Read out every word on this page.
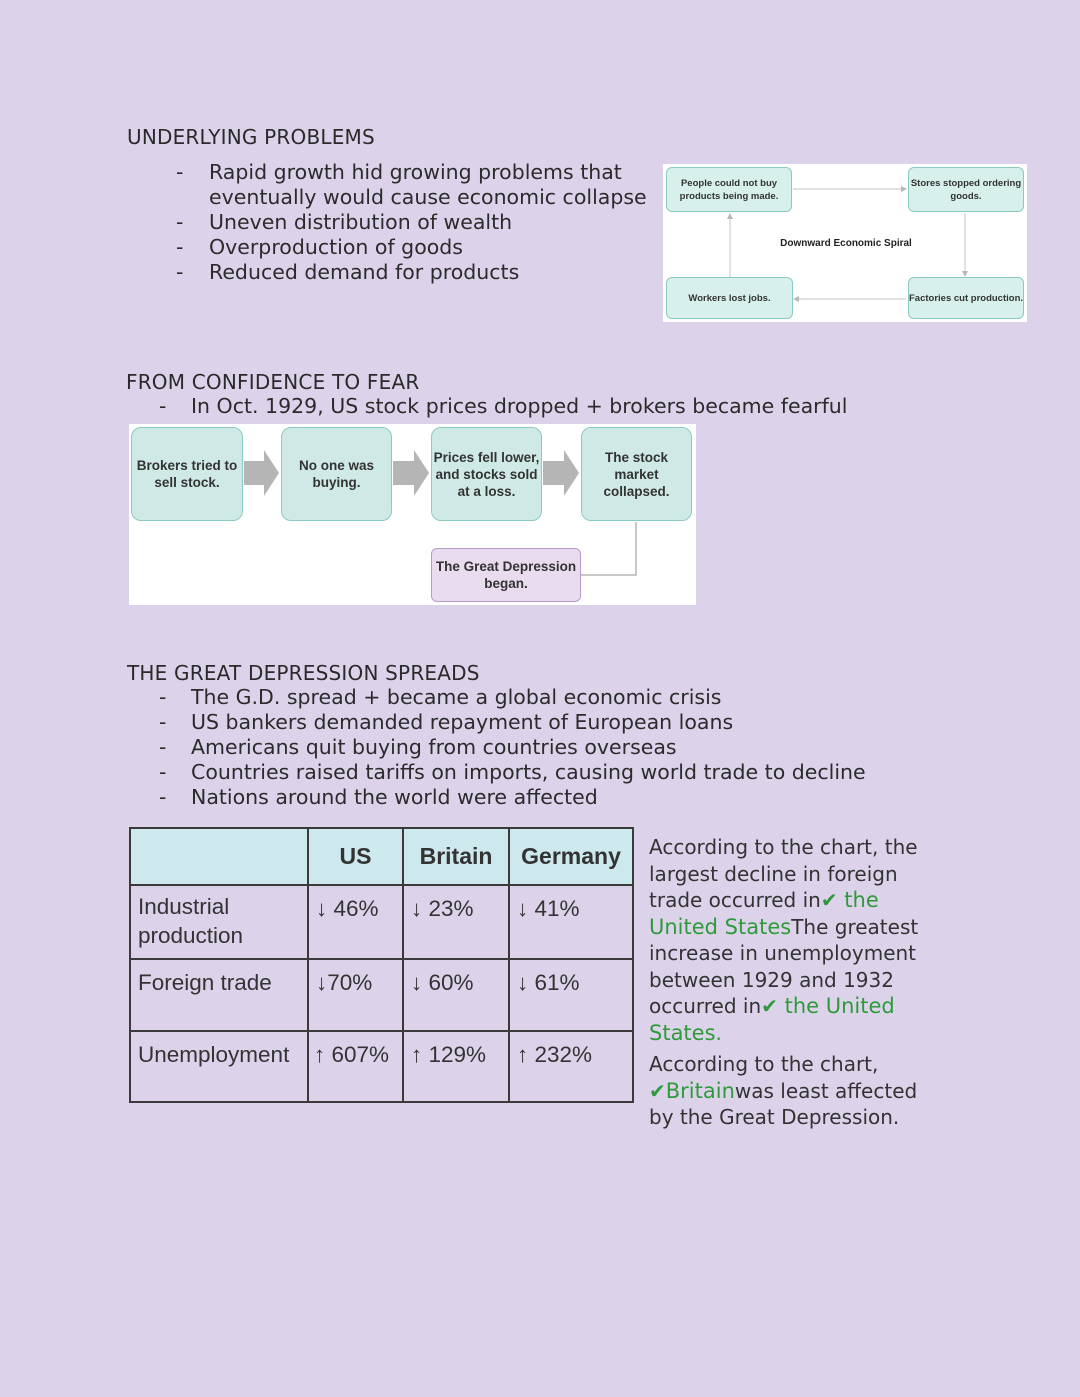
UNDERLYING PROBLEMS
- Rapid growth hid growing problems that
eventually would cause economic collapse
- Uneven distribution of wealth
- Overproduction of goods
- Reduced demand for products
People could not buy products being made.
Stores stopped ordering goods.
Factories cut production.
Workers lost jobs.
Downward Economic Spiral
FROM CONFIDENCE TO FEAR
- In Oct. 1929, US stock prices dropped + brokers became fearful
Brokers tried to sell stock.
No one was buying.
Prices fell lower, and stocks sold at a loss.
The stock market collapsed.
The Great Depression began.
THE GREAT DEPRESSION SPREADS
- The G.D. spread + became a global economic crisis
- US bankers demanded repayment of European loans
- Americans quit buying from countries overseas
- Countries raised tariffs on imports, causing world trade to decline
- Nations around the world were affected
	US	Britain	Germany
Industrial production	↓ 46%	↓ 23%	↓ 41%
Foreign trade	↓70%	↓ 60%	↓ 61%
Unemployment	↑ 607%	↑ 129%	↑ 232%
According to the chart, the largest decline in foreign trade occurred in✔ the United StatesThe greatest increase in unemployment between 1929 and 1932 occurred in✔ the United States.
According to the chart, ✔Britainwas least affected by the Great Depression.
